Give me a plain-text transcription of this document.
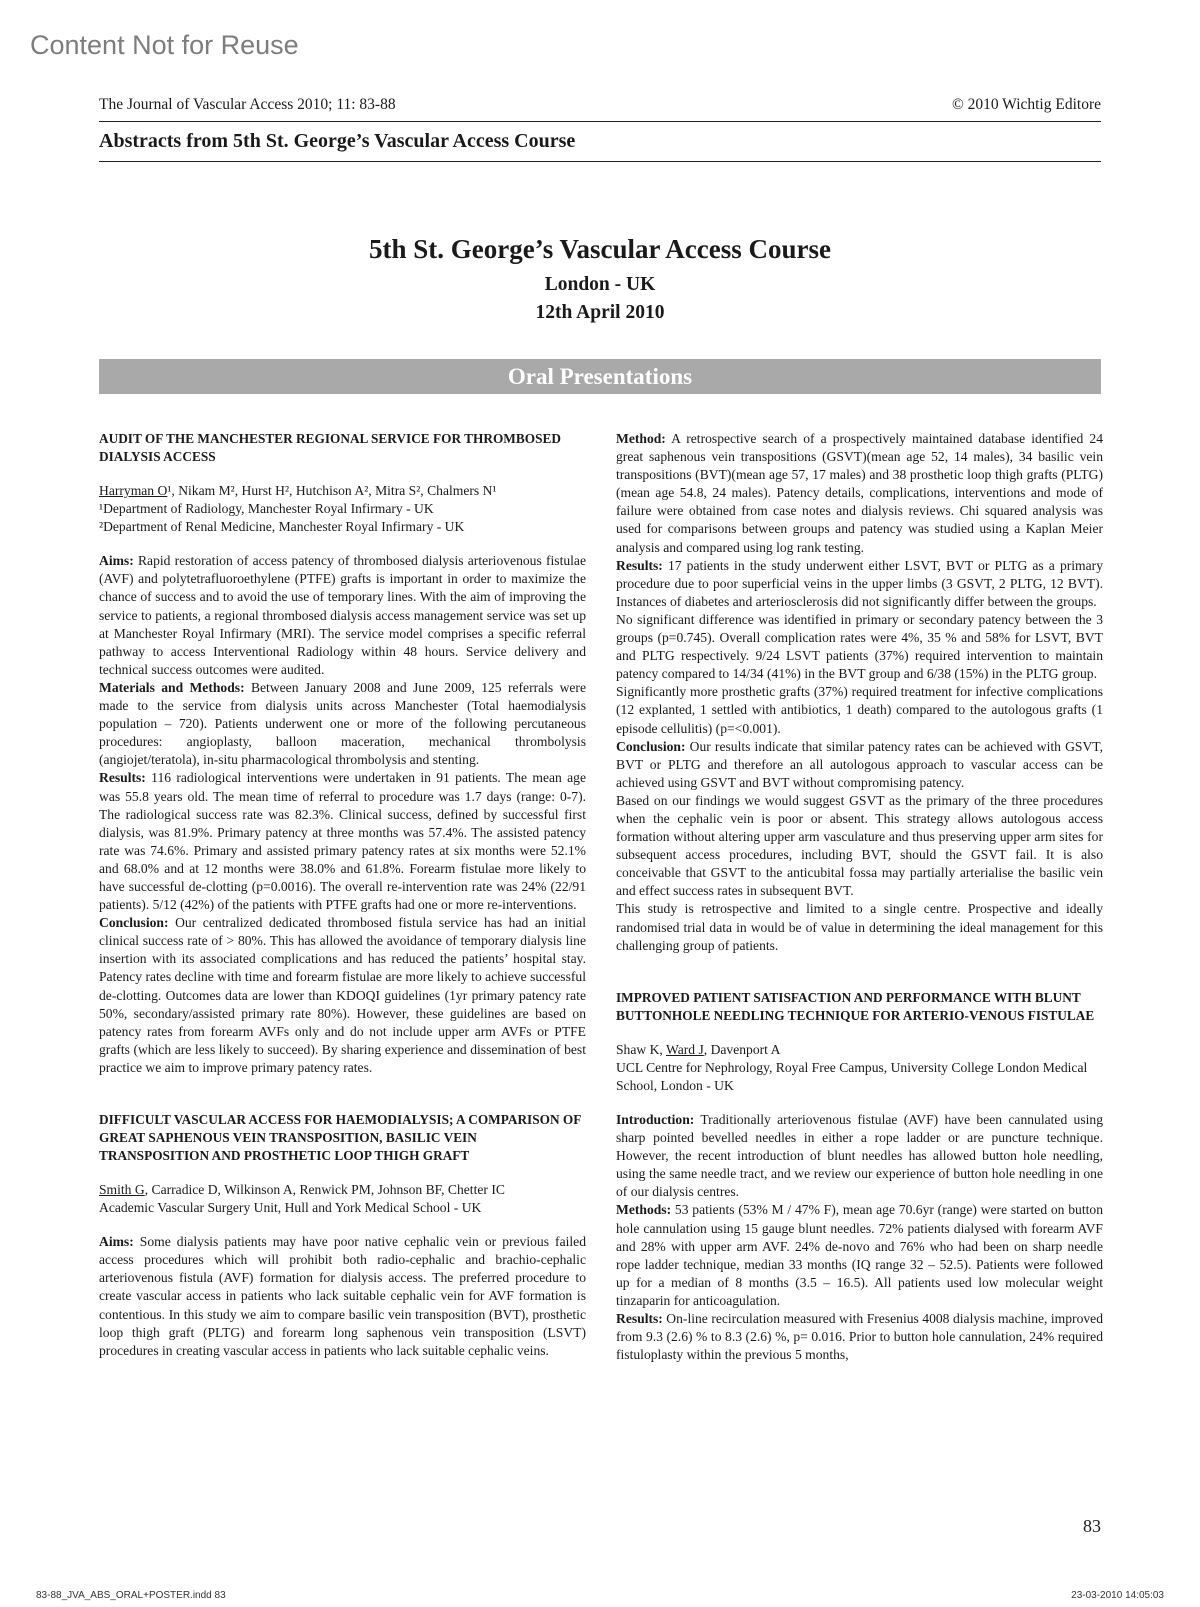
Content Not for Reuse
The Journal of Vascular Access 2010; 11: 83-88	© 2010 Wichtig Editore
Abstracts from 5th St. George’s Vascular Access Course
5th St. George’s Vascular Access Course
London - UK
12th April 2010
Oral Presentations
AUDIT OF THE MANCHESTER REGIONAL SERVICE FOR THROMBOSED DIALYSIS ACCESS
Harryman O¹, Nikam M², Hurst H², Hutchison A², Mitra S², Chalmers N¹
¹Department of Radiology, Manchester Royal Infirmary - UK
²Department of Renal Medicine, Manchester Royal Infirmary - UK

Aims: Rapid restoration of access patency of thrombosed dialysis arteriovenous fistulae (AVF) and polytetrafluoroethylene (PTFE) grafts is important in order to maximize the chance of success and to avoid the use of temporary lines. With the aim of improving the service to patients, a regional thrombosed dialysis access management service was set up at Manchester Royal Infirmary (MRI). The service model comprises a specific referral pathway to access Interventional Radiology within 48 hours. Service delivery and technical success outcomes were audited.

Materials and Methods: Between January 2008 and June 2009, 125 referrals were made to the service from dialysis units across Manchester (Total haemodialysis population – 720). Patients underwent one or more of the following percutaneous procedures: angioplasty, balloon maceration, mechanical thrombolysis (angiojet/teratola), in-situ pharmacological thrombolysis and stenting.

Results: 116 radiological interventions were undertaken in 91 patients. The mean age was 55.8 years old. The mean time of referral to procedure was 1.7 days (range: 0-7). The radiological success rate was 82.3%. Clinical success, defined by successful first dialysis, was 81.9%. Primary patency at three months was 57.4%. The assisted patency rate was 74.6%. Primary and assisted primary patency rates at six months were 52.1% and 68.0% and at 12 months were 38.0% and 61.8%. Forearm fistulae more likely to have successful de-clotting (p=0.0016). The overall re-intervention rate was 24% (22/91 patients). 5/12 (42%) of the patients with PTFE grafts had one or more re-interventions.

Conclusion: Our centralized dedicated thrombosed fistula service has had an initial clinical success rate of > 80%. This has allowed the avoidance of temporary dialysis line insertion with its associated complications and has reduced the patients’ hospital stay. Patency rates decline with time and forearm fistulae are more likely to achieve successful de-clotting. Outcomes data are lower than KDOQI guidelines (1yr primary patency rate 50%, secondary/assisted primary rate 80%). However, these guidelines are based on patency rates from forearm AVFs only and do not include upper arm AVFs or PTFE grafts (which are less likely to succeed). By sharing experience and dissemination of best practice we aim to improve primary patency rates.

DIFFICULT VASCULAR ACCESS FOR HAEMODIALYSIS; A COMPARISON OF GREAT SAPHENOUS VEIN TRANSPOSITION, BASILIC VEIN TRANSPOSITION AND PROSTHETIC LOOP THIGH GRAFT
Smith G, Carradice D, Wilkinson A, Renwick PM, Johnson BF, Chetter IC
Academic Vascular Surgery Unit, Hull and York Medical School - UK

Aims: Some dialysis patients may have poor native cephalic vein or previous failed access procedures which will prohibit both radio-cephalic and brachio-cephalic arteriovenous fistula (AVF) formation for dialysis access. The preferred procedure to create vascular access in patients who lack suitable cephalic vein for AVF formation is contentious. In this study we aim to compare basilic vein transposition (BVT), prosthetic loop thigh graft (PLTG) and forearm long saphenous vein transposition (LSVT) procedures in creating vascular access in patients who lack suitable cephalic veins.

Method: A retrospective search of a prospectively maintained database identified 24 great saphenous vein transpositions (GSVT)(mean age 52, 14 males), 34 basilic vein transpositions (BVT)(mean age 57, 17 males) and 38 prosthetic loop thigh grafts (PLTG)(mean age 54.8, 24 males). Patency details, complications, interventions and mode of failure were obtained from case notes and dialysis reviews. Chi squared analysis was used for comparisons between groups and patency was studied using a Kaplan Meier analysis and compared using log rank testing.

Results: 17 patients in the study underwent either LSVT, BVT or PLTG as a primary procedure due to poor superficial veins in the upper limbs (3 GSVT, 2 PLTG, 12 BVT). Instances of diabetes and arteriosclerosis did not significantly differ between the groups.

No significant difference was identified in primary or secondary patency between the 3 groups (p=0.745). Overall complication rates were 4%, 35 % and 58% for LSVT, BVT and PLTG respectively. 9/24 LSVT patients (37%) required intervention to maintain patency compared to 14/34 (41%) in the BVT group and 6/38 (15%) in the PLTG group.

Significantly more prosthetic grafts (37%) required treatment for infective complications (12 explanted, 1 settled with antibiotics, 1 death) compared to the autologous grafts (1 episode cellulitis) (p=<0.001).

Conclusion: Our results indicate that similar patency rates can be achieved with GSVT, BVT or PLTG and therefore an all autologous approach to vascular access can be achieved using GSVT and BVT without compromising patency.

Based on our findings we would suggest GSVT as the primary of the three procedures when the cephalic vein is poor or absent. This strategy allows autologous access formation without altering upper arm vasculature and thus preserving upper arm sites for subsequent access procedures, including BVT, should the GSVT fail. It is also conceivable that GSVT to the anticubital fossa may partially arterialise the basilic vein and effect success rates in subsequent BVT.

This study is retrospective and limited to a single centre. Prospective and ideally randomised trial data in would be of value in determining the ideal management for this challenging group of patients.

IMPROVED PATIENT SATISFACTION AND PERFORMANCE WITH BLUNT BUTTONHOLE NEEDLING TECHNIQUE FOR ARTERIO-VENOUS FISTULAE
Shaw K, Ward J, Davenport A
UCL Centre for Nephrology, Royal Free Campus, University College London Medical School, London - UK

Introduction: Traditionally arteriovenous fistulae (AVF) have been cannulated using sharp pointed bevelled needles in either a rope ladder or are puncture technique. However, the recent introduction of blunt needles has allowed button hole needling, using the same needle tract, and we review our experience of button hole needling in one of our dialysis centres.

Methods: 53 patients (53% M / 47% F), mean age 70.6yr (range) were started on button hole cannulation using 15 gauge blunt needles. 72% patients dialysed with forearm AVF and 28% with upper arm AVF. 24% de-novo and 76% who had been on sharp needle rope ladder technique, median 33 months (IQ range 32 – 52.5). Patients were followed up for a median of 8 months (3.5 – 16.5). All patients used low molecular weight tinzaparin for anticoagulation.

Results: On-line recirculation measured with Fresenius 4008 dialysis machine, improved from 9.3 (2.6) % to 8.3 (2.6) %, p= 0.016. Prior to button hole cannulation, 24% required fistuloplasty within the previous 5 months,

83
83-88_JVA_ABS_ORAL+POSTER.indd 83	23-03-2010 14:05:03
